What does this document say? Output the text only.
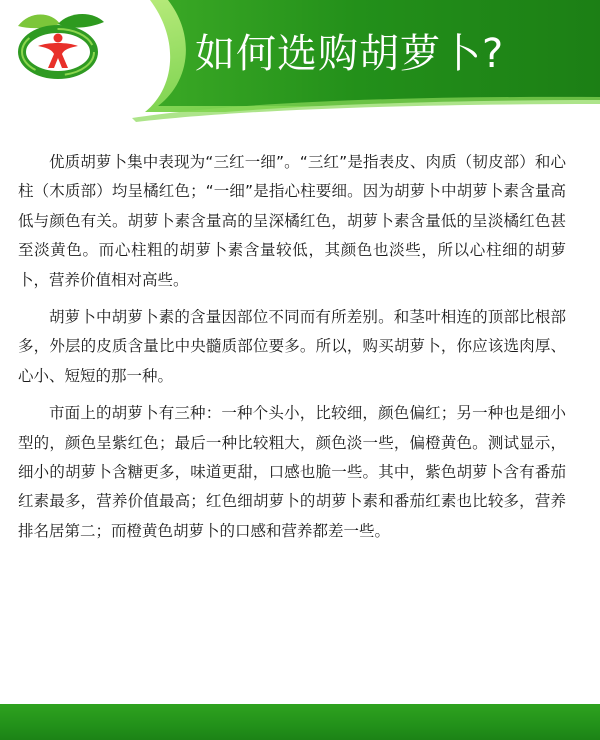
如何选购胡萝卜?

优质胡萝卜集中表现为“三红一细”。“三红”是指表皮、肉质（韧皮部）和心柱（木质部）均呈橘红色；“一细”是指心柱要细。因为胡萝卜中胡萝卜素含量高低与颜色有关。胡萝卜素含量高的呈深橘红色，胡萝卜素含量低的呈淡橘红色甚至淡黄色。而心柱粗的胡萝卜素含量较低，其颜色也淡些，所以心柱细的胡萝卜，营养价值相对高些。

胡萝卜中胡萝卜素的含量因部位不同而有所差别。和茎叶相连的顶部比根部多，外层的皮质含量比中央髓质部位要多。所以，购买胡萝卜，你应该选肉厚、心小、短短的那一种。

市面上的胡萝卜有三种：一种个头小，比较细，颜色偏红；另一种也是细小型的，颜色呈紫红色；最后一种比较粗大，颜色淡一些，偏橙黄色。测试显示，细小的胡萝卜含糖更多，味道更甜，口感也脆一些。其中，紫色胡萝卜含有番茄红素最多，营养价值最高；红色细胡萝卜的胡萝卜素和番茄红素也比较多，营养排名居第二；而橙黄色胡萝卜的口感和营养都差一些。
